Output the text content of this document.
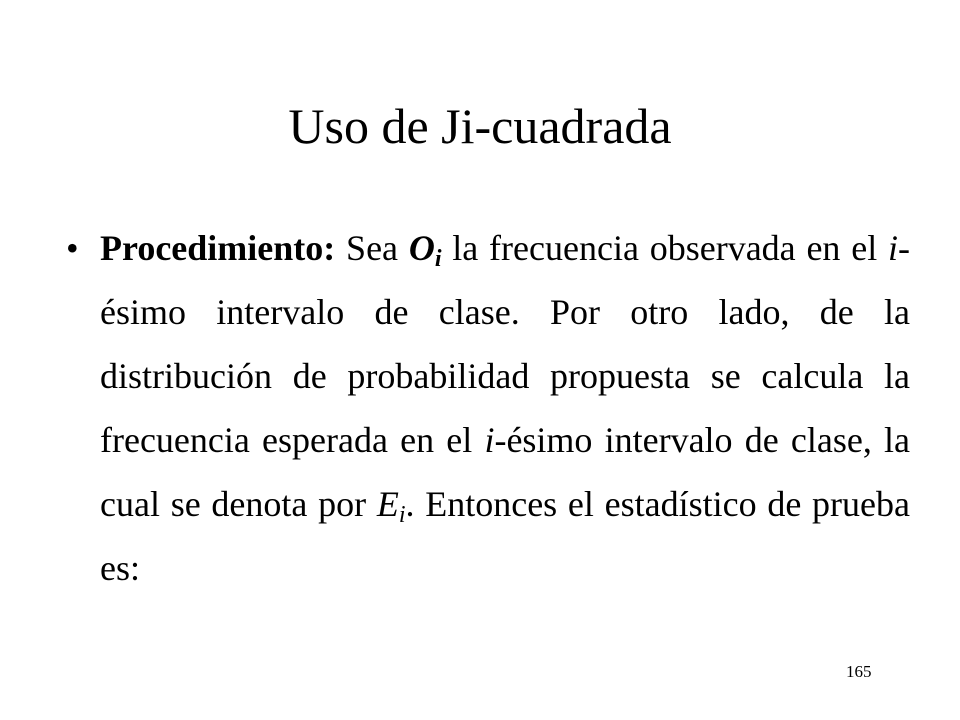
Uso de Ji-cuadrada
• Procedimiento: Sea $O_i$ la frecuencia observada en el i-ésimo intervalo de clase. Por otro lado, de la distribución de probabilidad propuesta se calcula la frecuencia esperada en el i-ésimo intervalo de clase, la cual se denota por $E_i$. Entonces el estadístico de prueba es:

165
